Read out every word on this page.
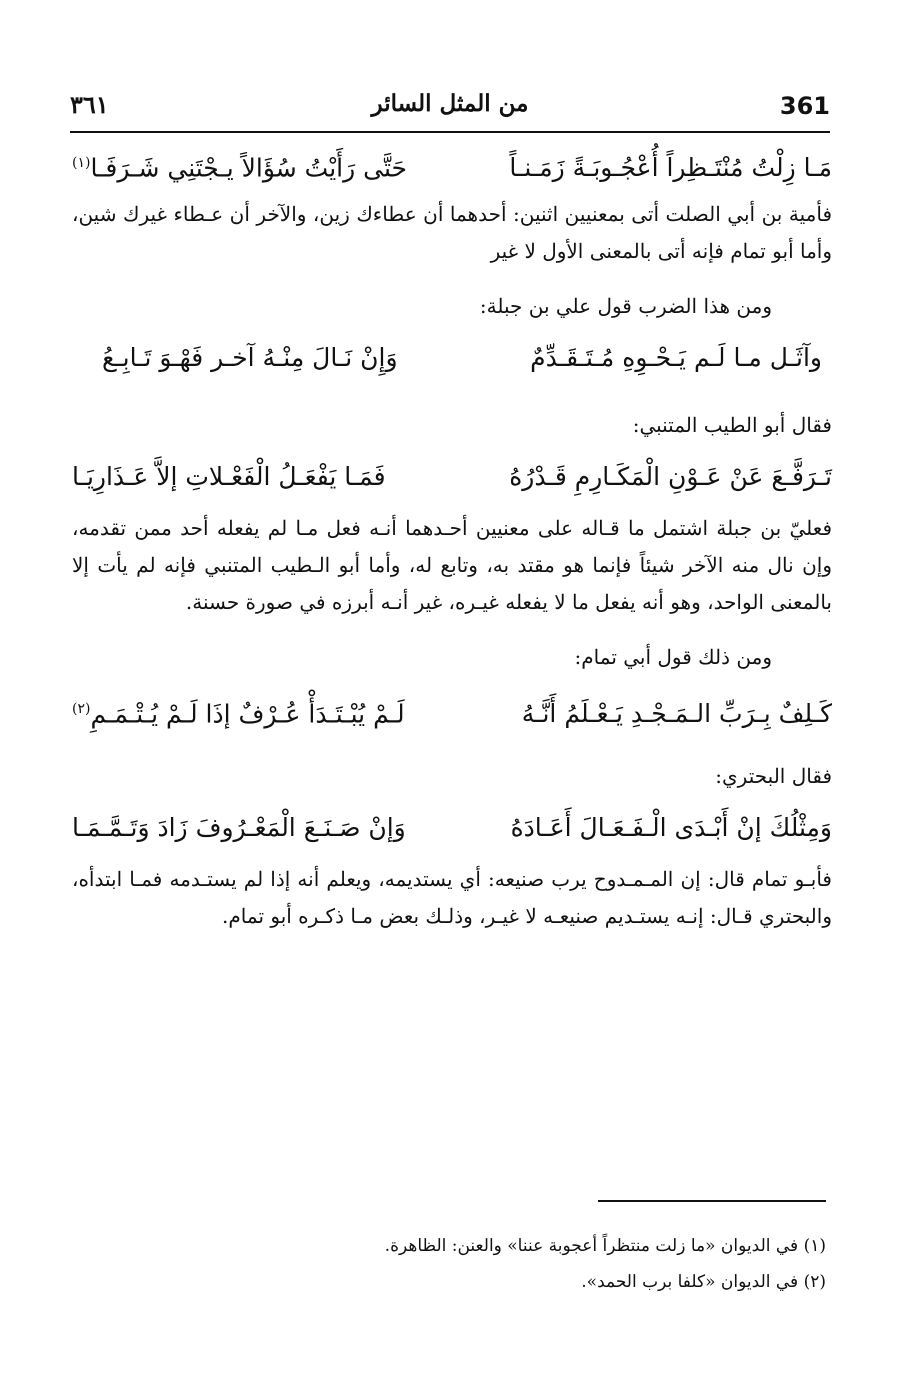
361
من المثل السائر
٣٦١
مَـا زِلْتُ مُنْتَـظِراً أُعْجُـوبَـةً زَمَـنـاً
حَتَّى رَأَيْتُ سُؤَالاً يـجْتَنِي شَـرَفَـا$^{(١)}$

فأمية بن أبي الصلت أتى بمعنيين اثنين: أحدهما أن عطاءك زين، والآخر أن عـطاء غيرك شين، وأما أبو تمام فإنه أتى بالمعنى الأول لا غير

ومن هذا الضرب قول علي بن جبلة:

وآثَـل مـا لَـم يَـحْـوِهِ مُـتَـقَـدِّمٌ
وَإِنْ نَـالَ مِنْـهُ آخـر فَهْـوَ تَـابِـعُ

فقال أبو الطيب المتنبي:

تَـرَفَّـعَ عَنْ عَـوْنِ الْمَكَـارِمِ قَـدْرُهُ
فَمَـا يَفْعَـلُ الْفَعْـلاتِ إلاَّ عَـذَارِيَـا

فعليّ بن جبلة اشتمل ما قـاله على معنيين أحـدهما أنـه فعل مـا لم يفعله أحد ممن تقدمه، وإن نال منه الآخر شيئاً فإنما هو مقتد به، وتابع له، وأما أبو الـطيب المتنبي فإنه لم يأت إلا بالمعنى الواحد، وهو أنه يفعل ما لا يفعله غيـره، غير أنـه أبرزه في صورة حسنة.

ومن ذلك قول أبي تمام:

كَـلِفٌ بِـرَبِّ الـمَـجْـدِ يَـعْـلَمُ أَنَّـهُ
لَـمْ يُبْـتَـدَأْ عُـرْفٌ إذَا لَـمْ يُـتْـمَـمِ$^{(٢)}$

فقال البحتري:

وَمِثْلُكَ إنْ أَبْـدَى الْـفَـعَـالَ أَعَـادَهُ
وَإنْ صَـنَـعَ الْمَعْـرُوفَ زَادَ وَتَـمَّـمَـا

فأبـو تمام قال: إن المـمـدوح يرب صنيعه: أي يستديمه، ويعلم أنه إذا لم يستـدمه فمـا ابتدأه، والبحتري قـال: إنـه يستـديم صنيعـه لا غيـر، وذلـك بعض مـا ذكـره أبو تمام.

(١) في الديوان «ما زلت منتظراً أعجوبة عننا» والعنن: الظاهرة.
(٢) في الديوان «كلفا برب الحمد».
